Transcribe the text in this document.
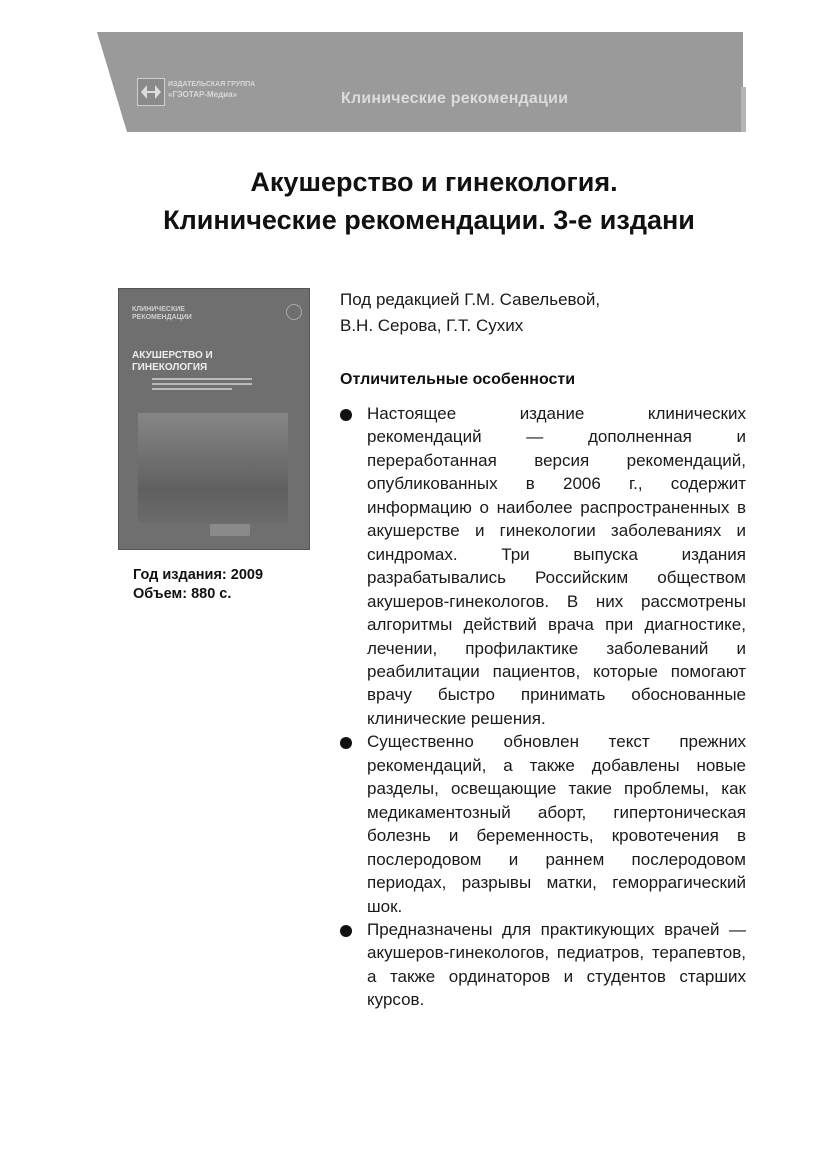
ИЗДАТЕЛЬСКАЯ ГРУППА
«ГЭОТАР-Медиа»	Клинические рекомендации
Акушерство и гинекология.
Клинические рекомендации. 3-е издани
КЛИНИЧЕСКИЕ РЕКОМЕНДАЦИИ
АКУШЕРСТВО И ГИНЕКОЛОГИЯ
Год издания: 2009
Объем: 880 с.
Под редакцией Г.М. Савельевой,
В.Н. Серова, Г.Т. Сухих
Отличительные особенности
Настоящее издание клинических рекомендаций — дополненная и переработанная версия рекомендаций, опубликованных в 2006 г., содержит информацию о наиболее распространенных в акушерстве и гинекологии заболеваниях и синдромах. Три выпуска издания разрабатывались Российским обществом акушеров-гинекологов. В них рассмотрены алгоритмы действий врача при диагностике, лечении, профилактике заболеваний и реабилитации пациентов, которые помогают врачу быстро принимать обоснованные клинические решения.
Существенно обновлен текст прежних рекомендаций, а также добавлены новые разделы, освещающие такие проблемы, как медикаментозный аборт, гипертоническая болезнь и беременность, кровотечения в послеродовом и раннем послеродовом периодах, разрывы матки, геморрагический шок.
Предназначены для практикующих врачей — акушеров-гинекологов, педиатров, терапевтов, а также ординаторов и студентов старших курсов.
